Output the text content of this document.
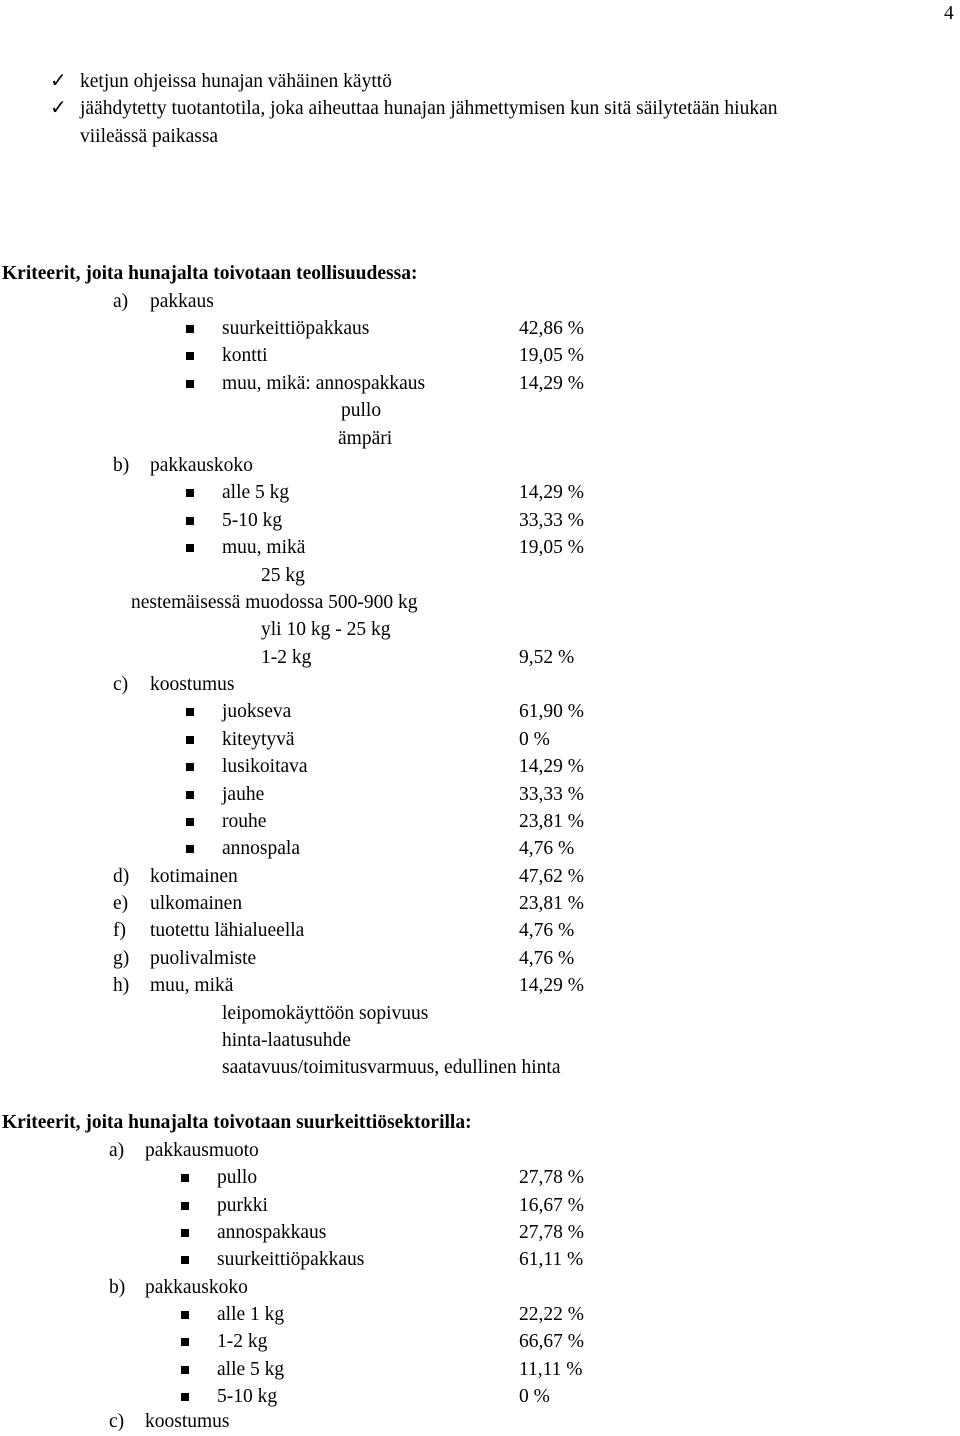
4
✓ ketjun ohjeissa hunajan vähäinen käyttö
✓ jäähdytetty tuotantotila, joka aiheuttaa hunajan jähmettymisen kun sitä säilytetään hiukan
viileässä paikassa
Kriteerit, joita hunajalta toivotaan teollisuudessa:
a) pakkaus
suurkeittiöpakkaus	42,86 %
kontti	19,05 %
muu, mikä: annospakkaus	14,29 %
pullo
ämpäri
b) pakkauskoko
alle 5 kg	14,29 %
5-10 kg	33,33 %
muu, mikä	19,05 %
25 kg
nestemäisessä muodossa 500-900 kg
yli 10 kg - 25 kg
1-2 kg	9,52 %
c) koostumus
juokseva	61,90 %
kiteytyvä	0 %
lusikoitava	14,29 %
jauhe	33,33 %
rouhe	23,81 %
annospala	4,76 %
d) kotimainen	47,62 %
e) ulkomainen	23,81 %
f) tuotettu lähialueella	4,76 %
g) puolivalmiste	4,76 %
h) muu, mikä	14,29 %
leipomokäyttöön sopivuus
hinta-laatusuhde
saatavuus/toimitusvarmuus, edullinen hinta
Kriteerit, joita hunajalta toivotaan suurkeittiösektorilla:
a) pakkausmuoto
pullo	27,78 %
purkki	16,67 %
annospakkaus	27,78 %
suurkeittiöpakkaus	61,11 %
b) pakkauskoko
alle 1 kg	22,22 %
1-2 kg	66,67 %
alle 5 kg	11,11 %
5-10 kg	0 %
c) koostumus
